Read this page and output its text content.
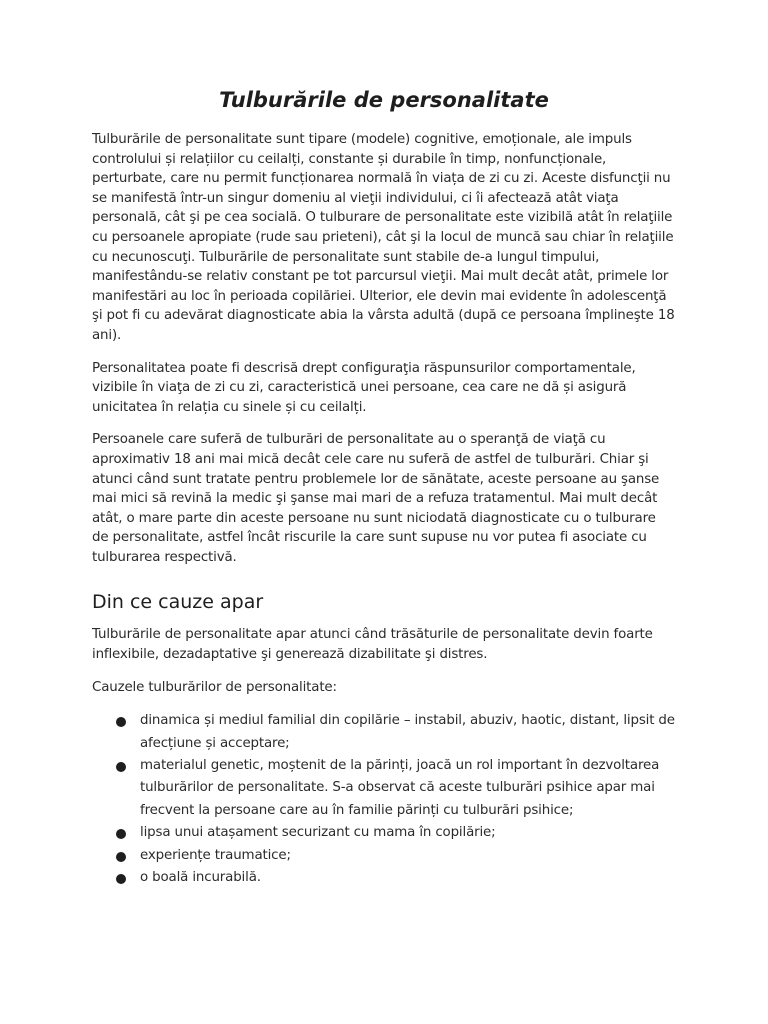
Tulburările de personalitate

Tulburările de personalitate sunt tipare (modele) cognitive, emoționale, ale impuls controlului și relațiilor cu ceilalți, constante și durabile în timp, nonfuncționale, perturbate, care nu permit funcționarea normală în viața de zi cu zi. Aceste disfuncţii nu se manifestă într-un singur domeniu al vieţii individului, ci îi afectează atât viaţa personală, cât şi pe cea socială. O tulburare de personalitate este vizibilă atât în relaţiile cu persoanele apropiate (rude sau prieteni), cât şi la locul de muncă sau chiar în relaţiile cu necunoscuţi. Tulburările de personalitate sunt stabile de-a lungul timpului, manifestându-se relativ constant pe tot parcursul vieţii. Mai mult decât atât, primele lor manifestări au loc în perioada copilăriei. Ulterior, ele devin mai evidente în adolescenţă şi pot fi cu adevărat diagnosticate abia la vârsta adultă (după ce persoana împlineşte 18 ani).

Personalitatea poate fi descrisă drept configuraţia răspunsurilor comportamentale, vizibile în viaţa de zi cu zi, caracteristică unei persoane, cea care ne dă și asigură unicitatea în relația cu sinele și cu ceilalți.

Persoanele care suferă de tulburări de personalitate au o speranţă de viaţă cu aproximativ 18 ani mai mică decât cele care nu suferă de astfel de tulburări. Chiar şi atunci când sunt tratate pentru problemele lor de sănătate, aceste persoane au şanse mai mici să revină la medic şi şanse mai mari de a refuza tratamentul. Mai mult decât atât, o mare parte din aceste persoane nu sunt niciodată diagnosticate cu o tulburare de personalitate, astfel încât riscurile la care sunt supuse nu vor putea fi asociate cu tulburarea respectivă.

Din ce cauze apar

Tulburările de personalitate apar atunci când trăsăturile de personalitate devin foarte inflexibile, dezadaptative şi generează dizabilitate şi distres.

Cauzele tulburărilor de personalitate:

dinamica și mediul familial din copilărie – instabil, abuziv, haotic, distant, lipsit de afecțiune și acceptare;
materialul genetic, moștenit de la părinți, joacă un rol important în dezvoltarea tulburărilor de personalitate. S-a observat că aceste tulburări psihice apar mai frecvent la persoane care au în familie părinți cu tulburări psihice;
lipsa unui atașament securizant cu mama în copilărie;
experiențe traumatice;
o boală incurabilă.
